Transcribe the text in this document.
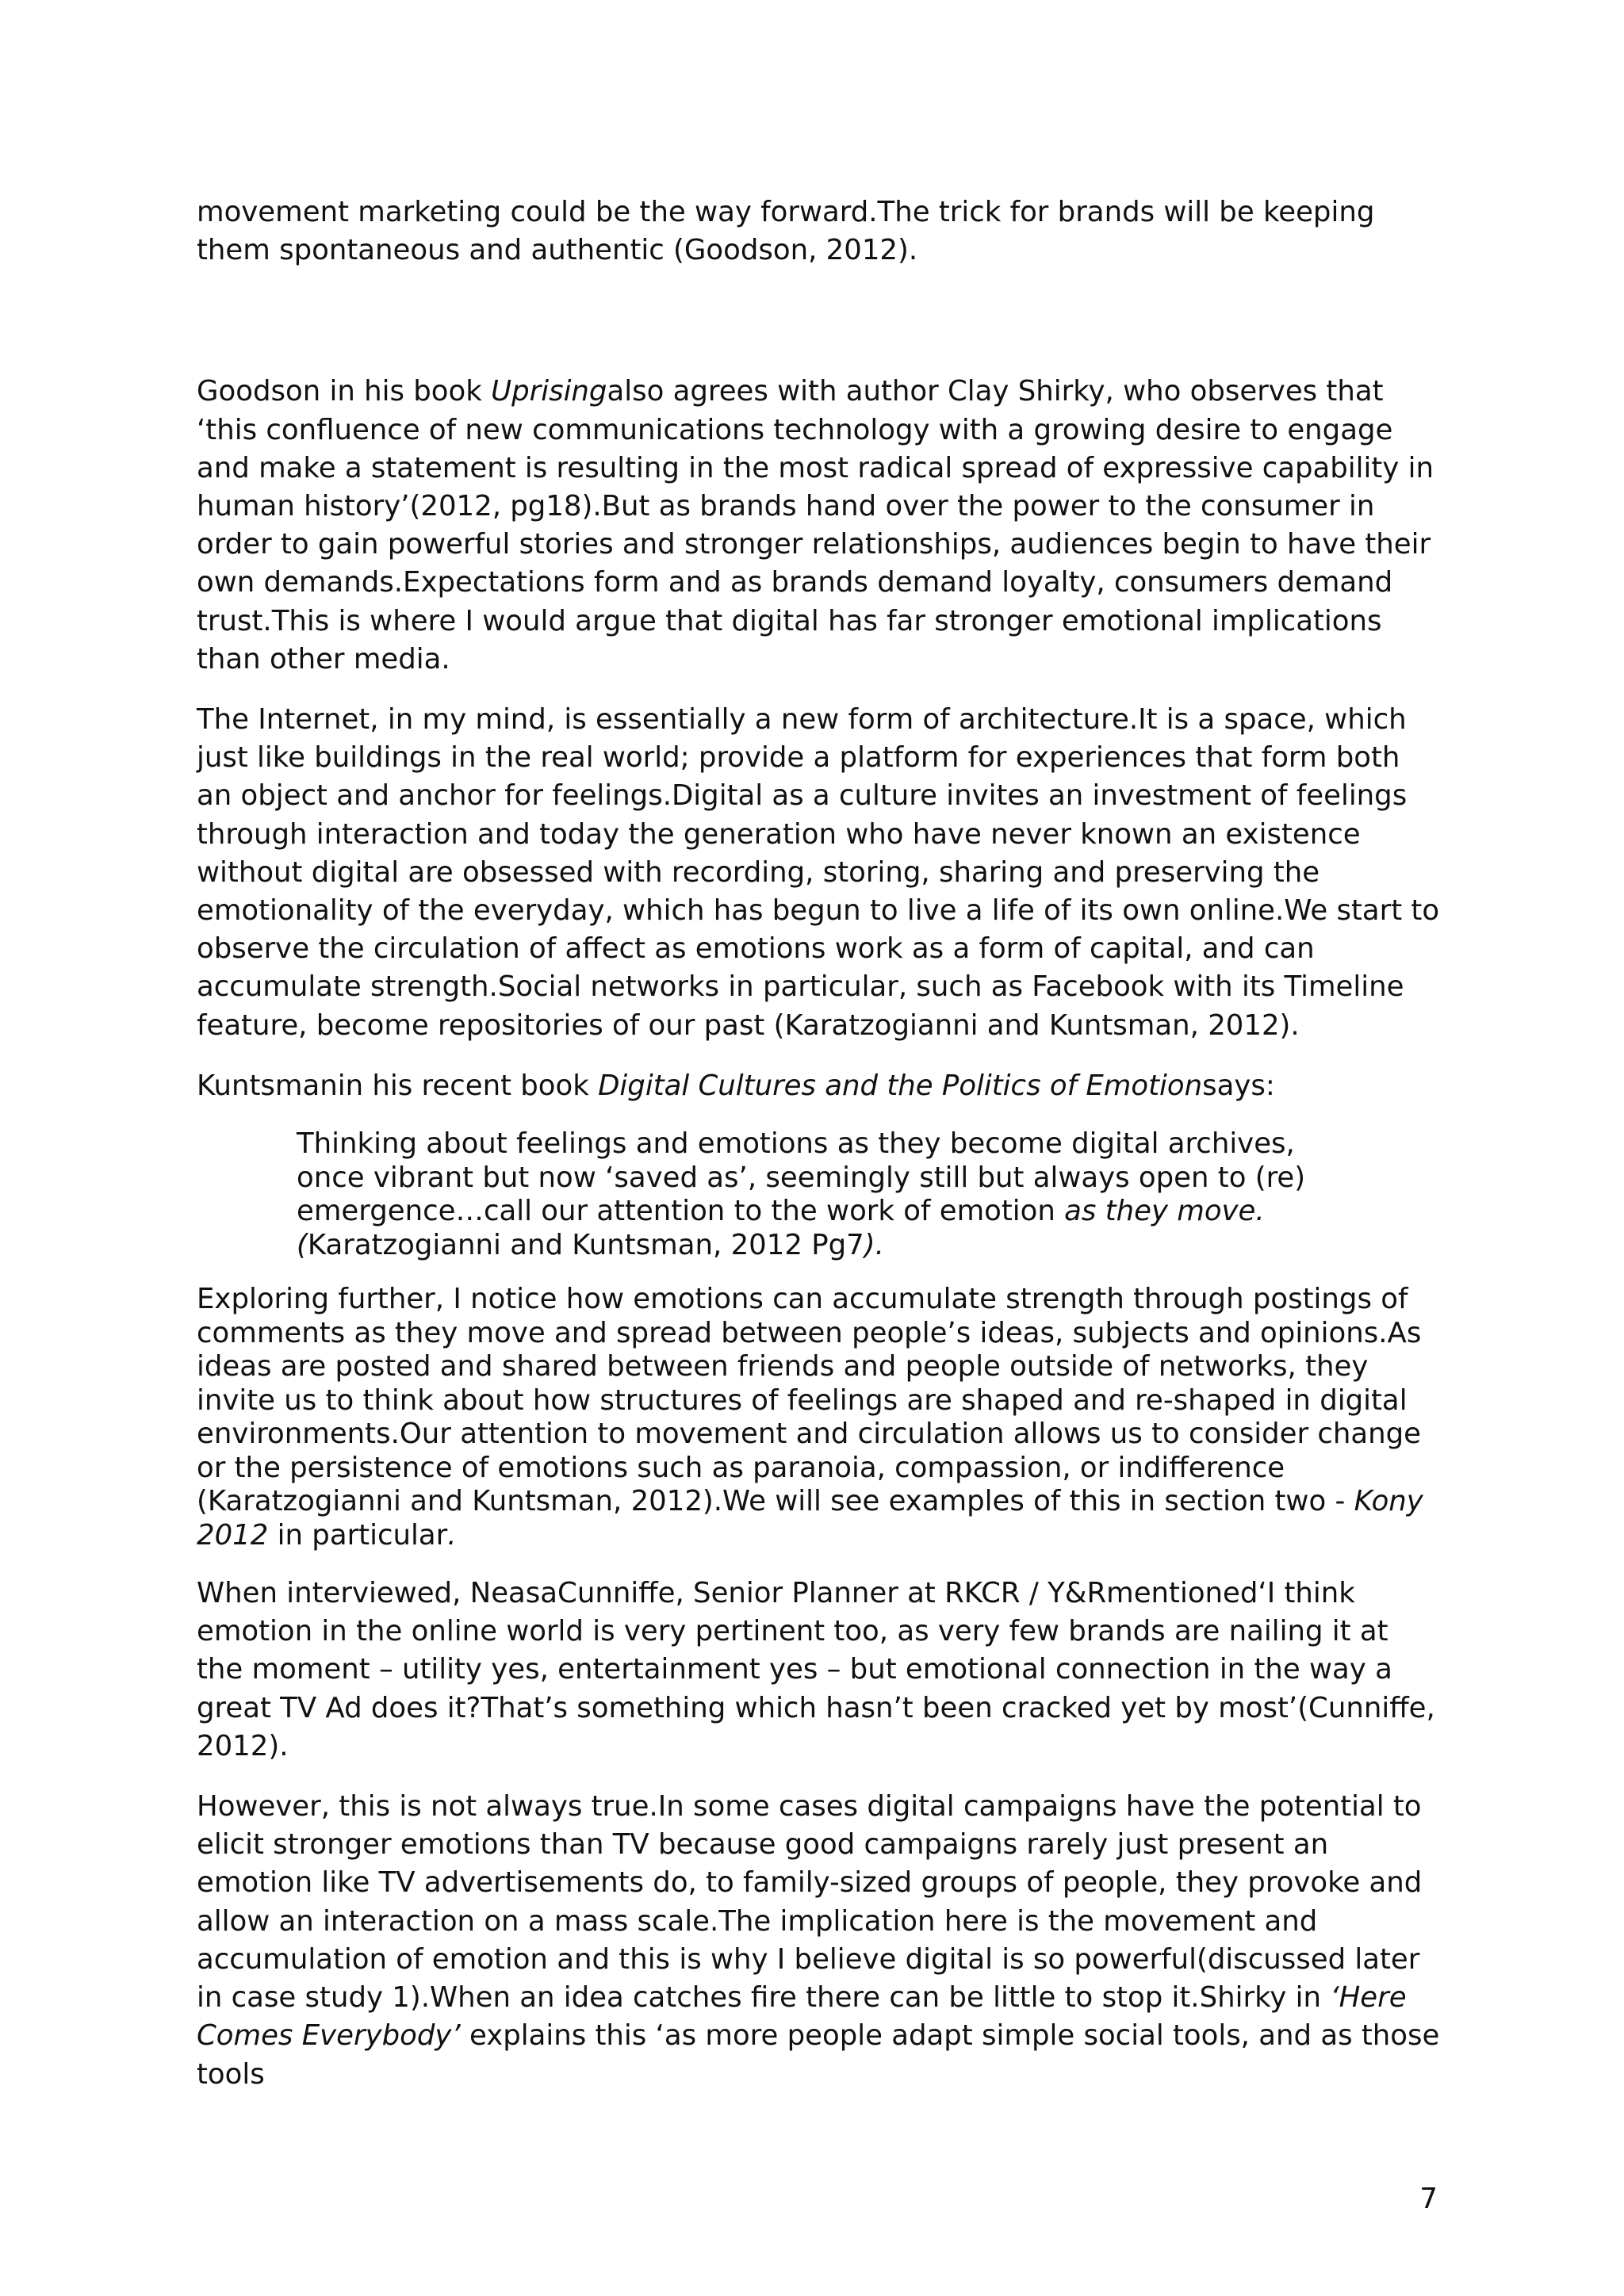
movement marketing could be the way forward.The trick for brands will be keeping them spontaneous and authentic (Goodson, 2012).

Goodson in his book Uprisingalso agrees with author Clay Shirky, who observes that ‘this confluence of new communications technology with a growing desire to engage and make a statement is resulting in the most radical spread of expressive capability in human history’(2012, pg18).But as brands hand over the power to the consumer in order to gain powerful stories and stronger relationships, audiences begin to have their own demands.Expectations form and as brands demand loyalty, consumers demand trust.This is where I would argue that digital has far stronger emotional implications than other media.

The Internet, in my mind, is essentially a new form of architecture.It is a space, which just like buildings in the real world; provide a platform for experiences that form both an object and anchor for feelings.Digital as a culture invites an investment of feelings through interaction and today the generation who have never known an existence without digital are obsessed with recording, storing, sharing and preserving the emotionality of the everyday, which has begun to live a life of its own online.We start to observe the circulation of affect as emotions work as a form of capital, and can accumulate strength.Social networks in particular, such as Facebook with its Timeline feature, become repositories of our past (Karatzogianni and Kuntsman, 2012).

Kuntsmanin his recent book Digital Cultures and the Politics of Emotionsays:

Thinking about feelings and emotions as they become digital archives, once vibrant but now ‘saved as’, seemingly still but always open to (re) emergence…call our attention to the work of emotion as they move. (Karatzogianni and Kuntsman, 2012 Pg7).

Exploring further, I notice how emotions can accumulate strength through postings of comments as they move and spread between people’s ideas, subjects and opinions.As ideas are posted and shared between friends and people outside of networks, they invite us to think about how structures of feelings are shaped and re-shaped in digital environments.Our attention to movement and circulation allows us to consider change or the persistence of emotions such as paranoia, compassion, or indifference (Karatzogianni and Kuntsman, 2012).We will see examples of this in section two - Kony 2012 in particular.

When interviewed, NeasaCunniffe, Senior Planner at RKCR / Y&Rmentioned‘I think emotion in the online world is very pertinent too, as very few brands are nailing it at the moment – utility yes, entertainment yes – but emotional connection in the way a great TV Ad does it?That’s something which hasn’t been cracked yet by most’(Cunniffe, 2012).

However, this is not always true.In some cases digital campaigns have the potential to elicit stronger emotions than TV because good campaigns rarely just present an emotion like TV advertisements do, to family-sized groups of people, they provoke and allow an interaction on a mass scale.The implication here is the movement and accumulation of emotion and this is why I believe digital is so powerful(discussed later in case study 1).When an idea catches fire there can be little to stop it.Shirky in ‘Here Comes Everybody’ explains this ‘as more people adapt simple social tools, and as those tools

7
